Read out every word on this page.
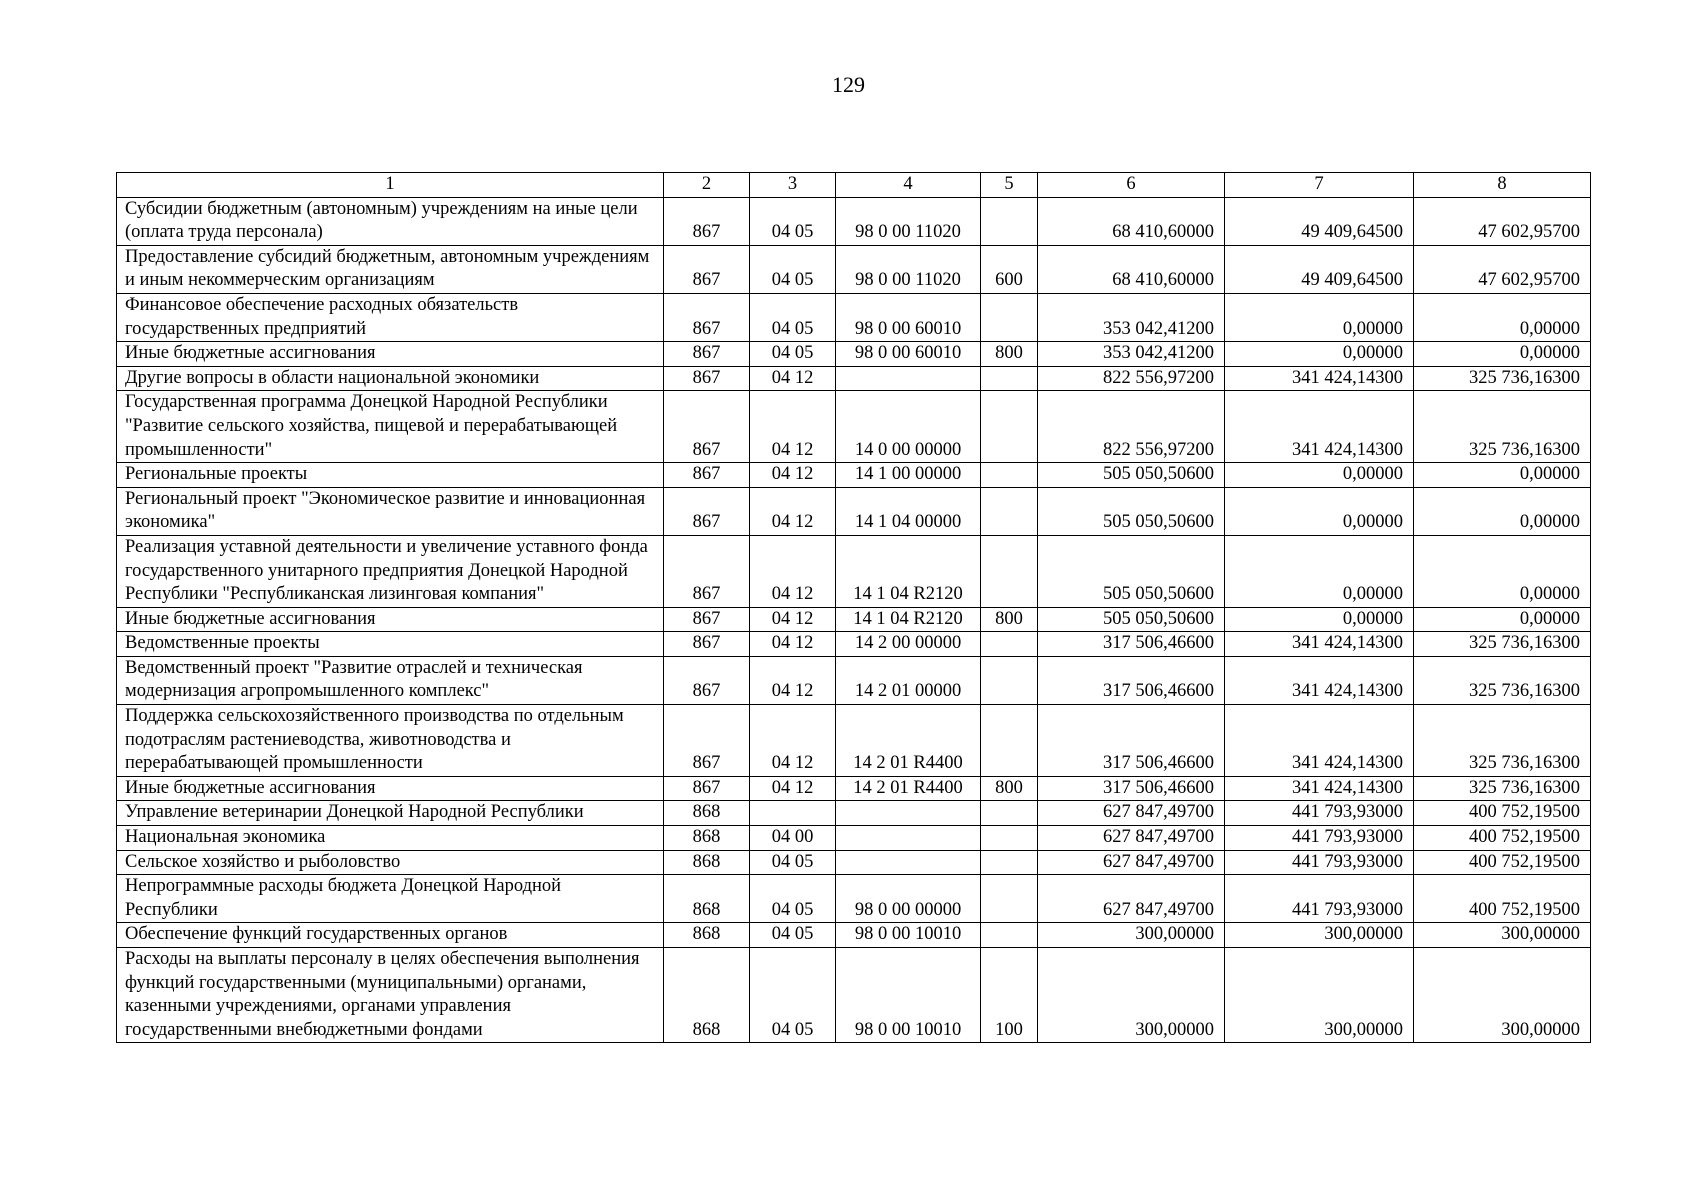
129
1	2	3	4	5	6	7	8
Субсидии бюджетным (автономным) учреждениям на иные цели (оплата труда персонала)	867	04 05	98 0 00 11020		68 410,60000	49 409,64500	47 602,95700
Предоставление субсидий бюджетным, автономным учреждениям и иным некоммерческим организациям	867	04 05	98 0 00 11020	600	68 410,60000	49 409,64500	47 602,95700
Финансовое обеспечение расходных обязательств государственных предприятий	867	04 05	98 0 00 60010		353 042,41200	0,00000	0,00000
Иные бюджетные ассигнования	867	04 05	98 0 00 60010	800	353 042,41200	0,00000	0,00000
Другие вопросы в области национальной экономики	867	04 12			822 556,97200	341 424,14300	325 736,16300
Государственная программа Донецкой Народной Республики "Развитие сельского хозяйства, пищевой и перерабатывающей промышленности"	867	04 12	14 0 00 00000		822 556,97200	341 424,14300	325 736,16300
Региональные проекты	867	04 12	14 1 00 00000		505 050,50600	0,00000	0,00000
Региональный проект "Экономическое развитие и инновационная экономика"	867	04 12	14 1 04 00000		505 050,50600	0,00000	0,00000
Реализация уставной деятельности и увеличение уставного фонда государственного унитарного предприятия Донецкой Народной Республики "Республиканская лизинговая компания"	867	04 12	14 1 04 R2120		505 050,50600	0,00000	0,00000
Иные бюджетные ассигнования	867	04 12	14 1 04 R2120	800	505 050,50600	0,00000	0,00000
Ведомственные проекты	867	04 12	14 2 00 00000		317 506,46600	341 424,14300	325 736,16300
Ведомственный проект "Развитие отраслей и техническая модернизация агропромышленного комплекс"	867	04 12	14 2 01 00000		317 506,46600	341 424,14300	325 736,16300
Поддержка сельскохозяйственного производства по отдельным подотраслям растениеводства, животноводства и перерабатывающей промышленности	867	04 12	14 2 01 R4400		317 506,46600	341 424,14300	325 736,16300
Иные бюджетные ассигнования	867	04 12	14 2 01 R4400	800	317 506,46600	341 424,14300	325 736,16300
Управление ветеринарии Донецкой Народной Республики	868				627 847,49700	441 793,93000	400 752,19500
Национальная экономика	868	04 00			627 847,49700	441 793,93000	400 752,19500
Сельское хозяйство и рыболовство	868	04 05			627 847,49700	441 793,93000	400 752,19500
Непрограммные расходы бюджета Донецкой Народной Республики	868	04 05	98 0 00 00000		627 847,49700	441 793,93000	400 752,19500
Обеспечение функций государственных органов	868	04 05	98 0 00 10010		300,00000	300,00000	300,00000
Расходы на выплаты персоналу в целях обеспечения выполнения функций государственными (муниципальными) органами, казенными учреждениями, органами управления государственными внебюджетными фондами	868	04 05	98 0 00 10010	100	300,00000	300,00000	300,00000
